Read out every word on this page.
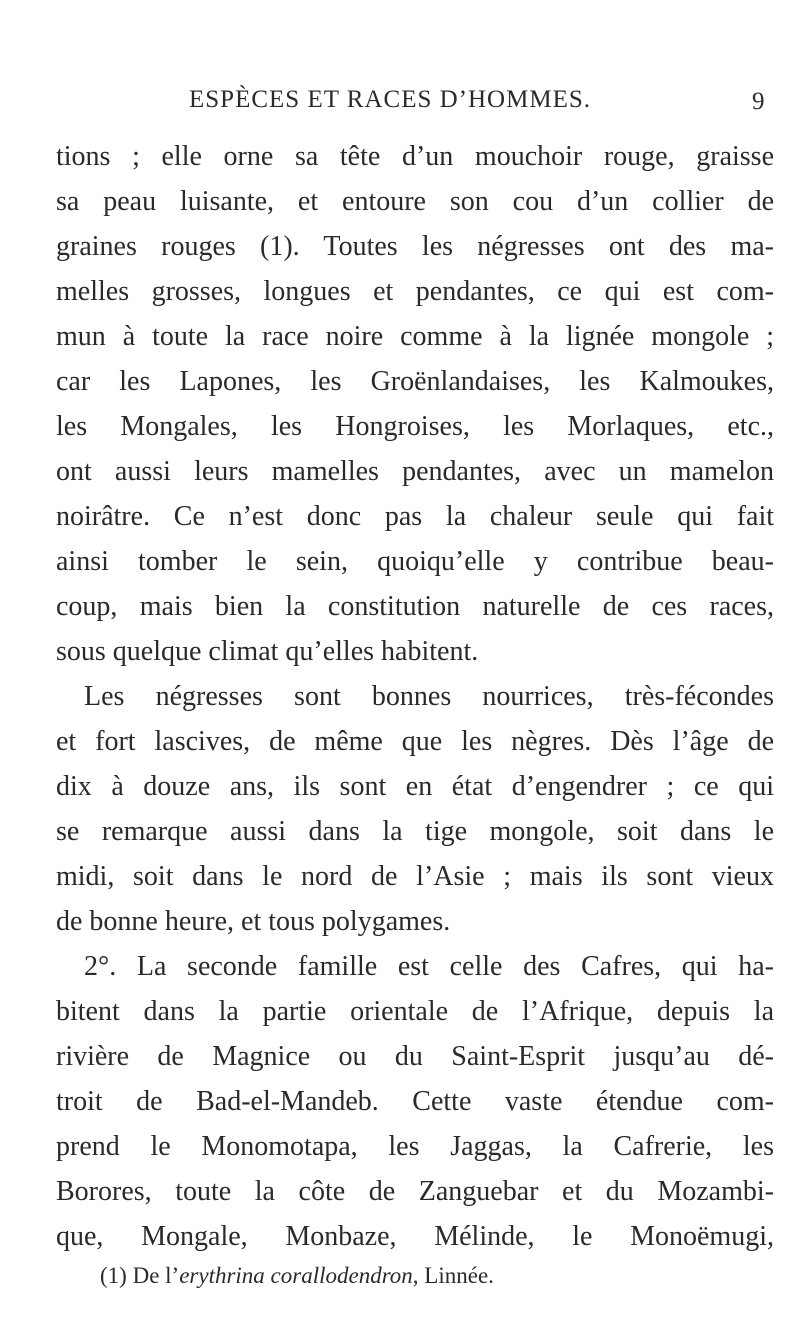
ESPÈCES ET RACES D’HOMMES.	9
tions ; elle orne sa tête d’un mouchoir rouge, graisse
sa peau luisante, et entoure son cou d’un collier de
graines rouges (1). Toutes les négresses ont des ma-
melles grosses, longues et pendantes, ce qui est com-
mun à toute la race noire comme à la lignée mongole ;
car les Lapones, les Groënlandaises, les Kalmoukes,
les Mongales, les Hongroises, les Morlaques, etc.,
ont aussi leurs mamelles pendantes, avec un mamelon
noirâtre. Ce n’est donc pas la chaleur seule qui fait
ainsi tomber le sein, quoiqu’elle y contribue beau-
coup, mais bien la constitution naturelle de ces races,
sous quelque climat qu’elles habitent.
Les négresses sont bonnes nourrices, très-fécondes
et fort lascives, de même que les nègres. Dès l’âge de
dix à douze ans, ils sont en état d’engendrer ; ce qui
se remarque aussi dans la tige mongole, soit dans le
midi, soit dans le nord de l’Asie ; mais ils sont vieux
de bonne heure, et tous polygames.
2°. La seconde famille est celle des Cafres, qui ha-
bitent dans la partie orientale de l’Afrique, depuis la
rivière de Magnice ou du Saint-Esprit jusqu’au dé-
troit de Bad-el-Mandeb. Cette vaste étendue com-
prend le Monomotapa, les Jaggas, la Cafrerie, les
Borores, toute la côte de Zanguebar et du Mozambi-
que, Mongale, Monbaze, Mélinde, le Monoëmugi,
(1) De l’erythrina corallodendron, Linnée.
